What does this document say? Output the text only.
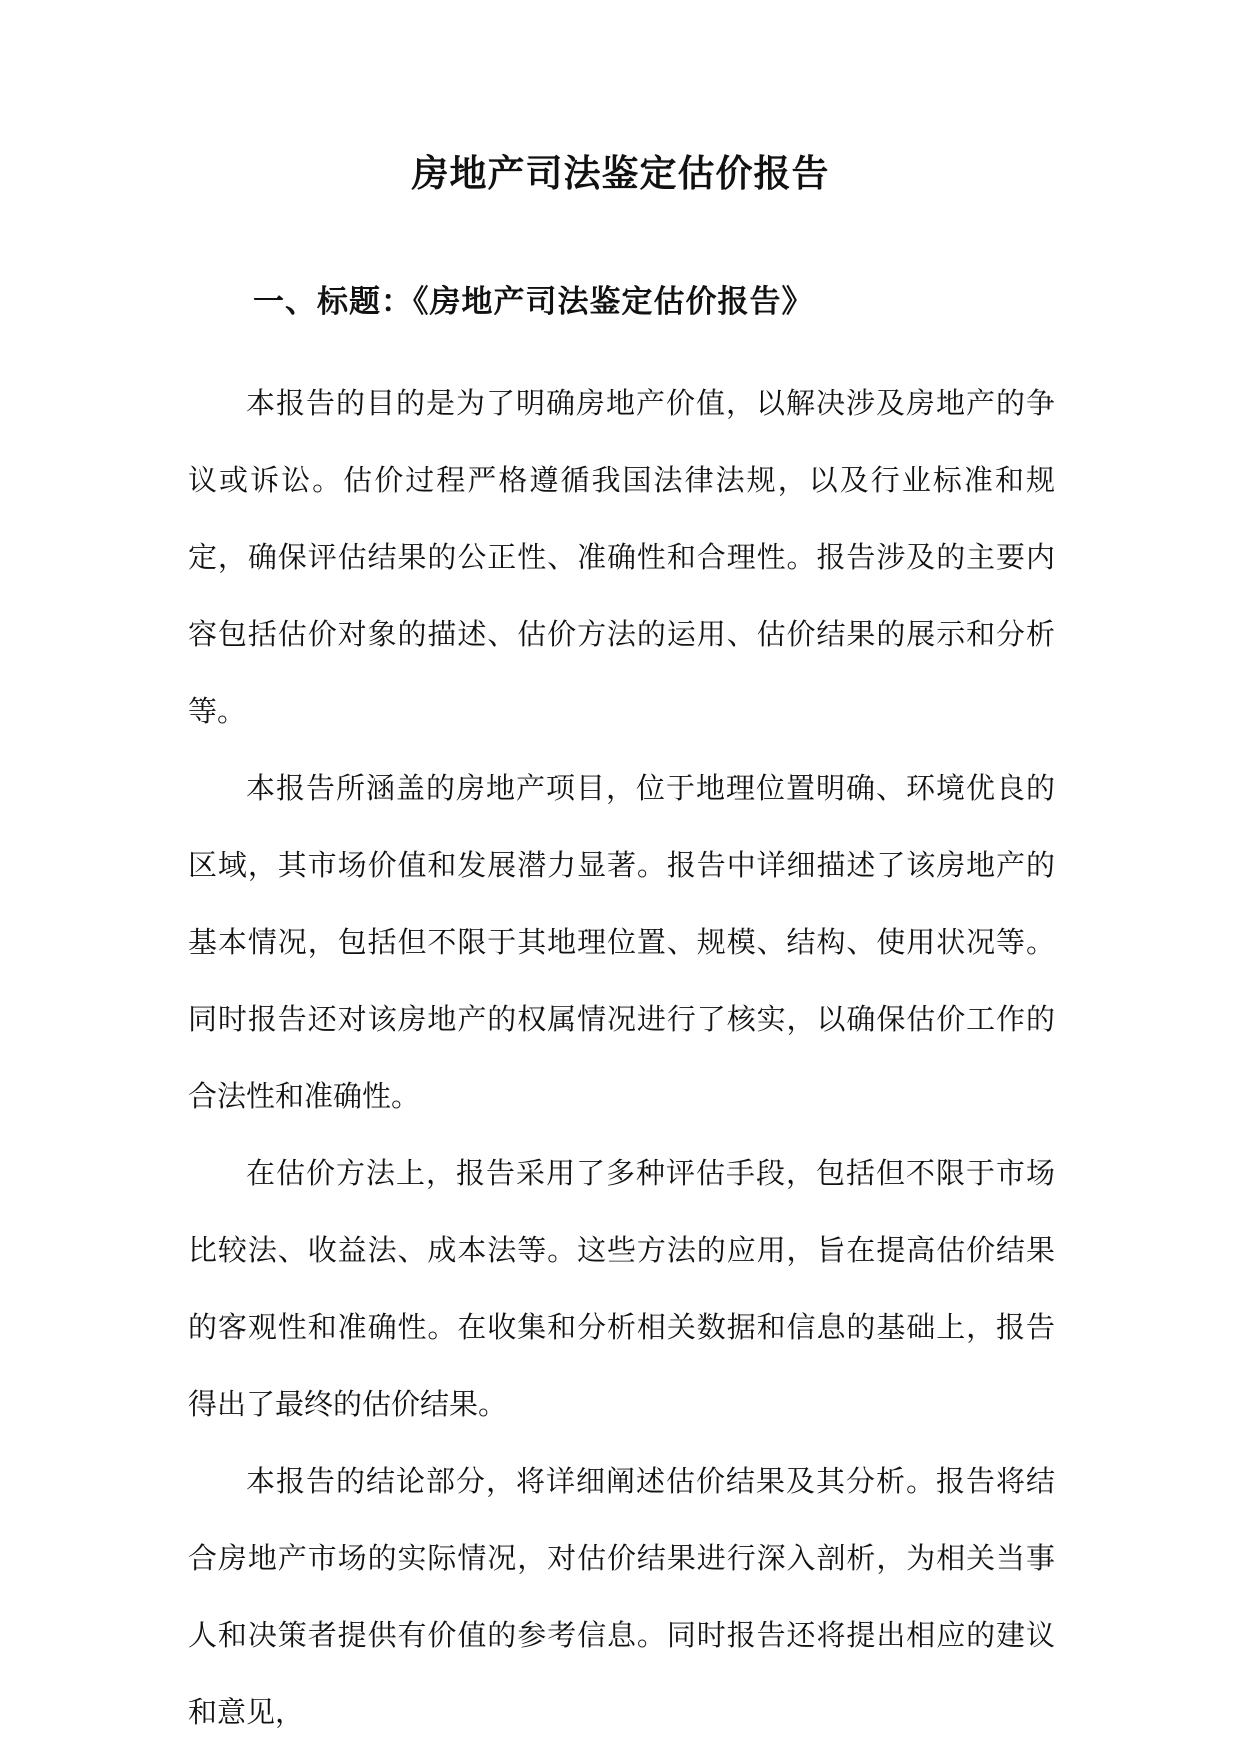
房地产司法鉴定估价报告
一、标题：《房地产司法鉴定估价报告》

本报告的目的是为了明确房地产价值，以解决涉及房地产的争议或诉讼。估价过程严格遵循我国法律法规，以及行业标准和规定，确保评估结果的公正性、准确性和合理性。报告涉及的主要内容包括估价对象的描述、估价方法的运用、估价结果的展示和分析等。

本报告所涵盖的房地产项目，位于地理位置明确、环境优良的区域，其市场价值和发展潜力显著。报告中详细描述了该房地产的基本情况，包括但不限于其地理位置、规模、结构、使用状况等。同时报告还对该房地产的权属情况进行了核实，以确保估价工作的合法性和准确性。

在估价方法上，报告采用了多种评估手段，包括但不限于市场比较法、收益法、成本法等。这些方法的应用，旨在提高估价结果的客观性和准确性。在收集和分析相关数据和信息的基础上，报告得出了最终的估价结果。

本报告的结论部分，将详细阐述估价结果及其分析。报告将结合房地产市场的实际情况，对估价结果进行深入剖析，为相关当事人和决策者提供有价值的参考信息。同时报告还将提出相应的建议和意见，
